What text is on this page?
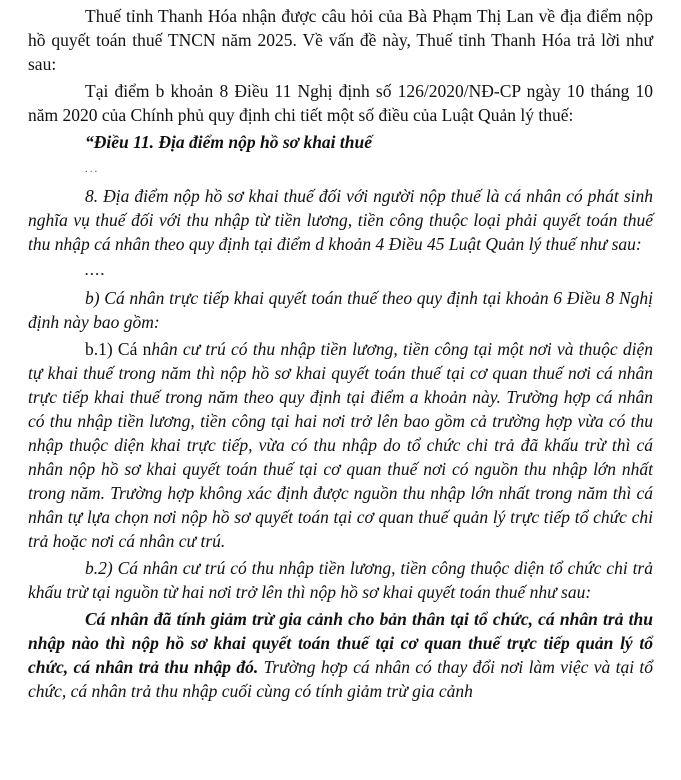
Thuế tỉnh Thanh Hóa nhận được câu hỏi của Bà Phạm Thị Lan về địa điểm nộp hồ quyết toán thuế TNCN năm 2025. Về vấn đề này, Thuế tỉnh Thanh Hóa trả lời như sau:

Tại điểm b khoản 8 Điều 11 Nghị định số 126/2020/NĐ-CP ngày 10 tháng 10 năm 2020 của Chính phủ quy định chi tiết một số điều của Luật Quản lý thuế:

“Điều 11. Địa điểm nộp hồ sơ khai thuế

...

8. Địa điểm nộp hồ sơ khai thuế đối với người nộp thuế là cá nhân có phát sinh nghĩa vụ thuế đối với thu nhập từ tiền lương, tiền công thuộc loại phải quyết toán thuế thu nhập cá nhân theo quy định tại điểm d khoản 4 Điều 45 Luật Quản lý thuế như sau:

....

b) Cá nhân trực tiếp khai quyết toán thuế theo quy định tại khoản 6 Điều 8 Nghị định này bao gồm:

b.1) Cá nhân cư trú có thu nhập tiền lương, tiền công tại một nơi và thuộc diện tự khai thuế trong năm thì nộp hồ sơ khai quyết toán thuế tại cơ quan thuế nơi cá nhân trực tiếp khai thuế trong năm theo quy định tại điểm a khoản này. Trường hợp cá nhân có thu nhập tiền lương, tiền công tại hai nơi trở lên bao gồm cả trường hợp vừa có thu nhập thuộc diện khai trực tiếp, vừa có thu nhập do tổ chức chi trả đã khấu trừ thì cá nhân nộp hồ sơ khai quyết toán thuế tại cơ quan thuế nơi có nguồn thu nhập lớn nhất trong năm. Trường hợp không xác định được nguồn thu nhập lớn nhất trong năm thì cá nhân tự lựa chọn nơi nộp hồ sơ quyết toán tại cơ quan thuế quản lý trực tiếp tổ chức chi trả hoặc nơi cá nhân cư trú.

b.2) Cá nhân cư trú có thu nhập tiền lương, tiền công thuộc diện tổ chức chi trả khấu trừ tại nguồn từ hai nơi trở lên thì nộp hồ sơ khai quyết toán thuế như sau:

Cá nhân đã tính giảm trừ gia cảnh cho bản thân tại tổ chức, cá nhân trả thu nhập nào thì nộp hồ sơ khai quyết toán thuế tại cơ quan thuế trực tiếp quản lý tổ chức, cá nhân trả thu nhập đó. Trường hợp cá nhân có thay đổi nơi làm việc và tại tổ chức, cá nhân trả thu nhập cuối cùng có tính giảm trừ gia cảnh
